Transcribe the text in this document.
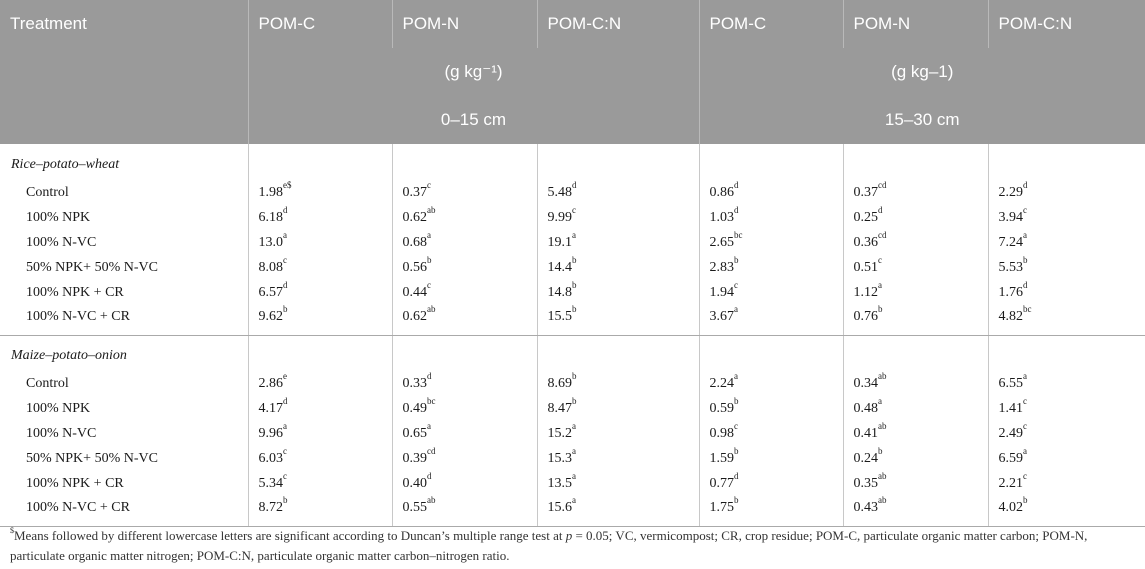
Treatment	POM-C	POM-N	POM-C:N	POM-C	POM-N	POM-C:N
	(g kg⁻¹)			(g kg–1)		
	0–15 cm			15–30 cm		
Rice–potato–wheat						
Control	$1.98^{e\$}$	0.37$^c$	5.48$^d$	0.86$^d$	0.37$^{cd}$	2.29$^d$
100% NPK	6.18$^d$	0.62$^{ab}$	9.99$^c$	1.03$^d$	0.25$^d$	3.94$^c$
100% N-VC	13.0$^a$	0.68$^a$	19.1$^a$	2.65$^{bc}$	0.36$^{cd}$	7.24$^a$
50% NPK+ 50% N-VC	8.08$^c$	0.56$^b$	14.4$^b$	2.83$^b$	0.51$^c$	5.53$^b$
100% NPK + CR	6.57$^d$	0.44$^c$	14.8$^b$	1.94$^c$	1.12$^a$	1.76$^d$
100% N-VC + CR	9.62$^b$	0.62$^{ab}$	15.5$^b$	3.67$^a$	0.76$^b$	4.82$^{bc}$
Maize–potato–onion						
Control	2.86e	0.33$^d$	8.69$^b$	2.24$^a$	0.34$^{ab}$	6.55$^a$
100% NPK	4.17$^d$	0.49$^{bc}$	8.47$^b$	0.59$^b$	0.48$^a$	1.41$^c$
100% N-VC	9.96$^a$	0.65$^a$	15.2$^a$	0.98$^c$	0.41$^{ab}$	2.49$^c$
50% NPK+ 50% N-VC	6.03$^c$	0.39$^{cd}$	15.3$^a$	1.59$^b$	0.24$^b$	6.59$^a$
100% NPK + CR	5.34$^c$	0.40$^d$	13.5$^a$	0.77$^d$	0.35$^{ab}$	2.21$^c$
100% N-VC + CR	8.72$^b$	0.55$^{ab}$	15.6$^a$	1.75$^b$	0.43$^{ab}$	4.02$^b$
$Means followed by different lowercase letters are significant according to Duncan’s multiple range test at p = 0.05; VC, vermicompost; CR, crop residue; POM-C, particulate organic matter carbon; POM-N, particulate organic matter nitrogen; POM-C:N, particulate organic matter carbon–nitrogen ratio.
